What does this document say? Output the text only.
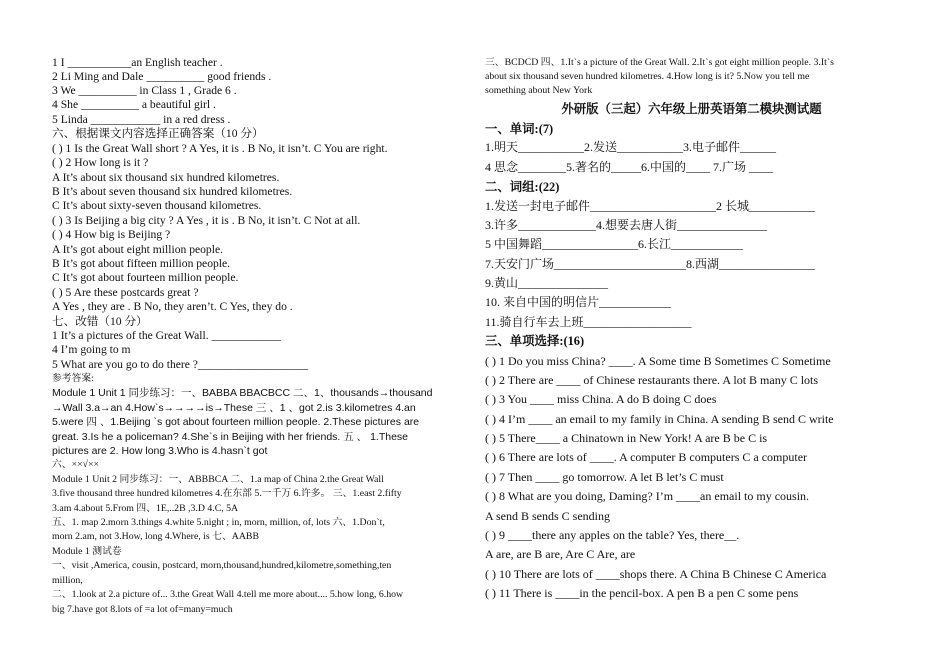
1 I ___________an English teacher .
2 Li Ming and Dale __________ good friends .
3 We __________ in Class 1 , Grade 6 .
4 She __________ a beautiful girl .
5 Linda ____________ in a red dress .
六、根据课文内容选择正确答案（10 分）
( ) 1 Is the Great Wall short ? A Yes, it is . B No, it isn’t. C You are right.
( ) 2 How long is it ?
A It’s about six thousand six hundred kilometres.
B It’s about seven thousand six hundred kilometres.
C It’s about sixty-seven thousand kilometres.
( ) 3 Is Beijing a big city ? A Yes , it is . B No, it isn’t. C Not at all.
( ) 4 How big is Beijing ?
A It’s got about eight million people.
B It’s got about fifteen million people.
C It’s got about fourteen million people.
( ) 5 Are these postcards great ?
A Yes , they are . B No, they aren’t. C Yes, they do .
七、改错（10 分）
1 It’s a pictures of the Great Wall. ____________
4 I’m going to m
5 What are you go to do there ?___________________
参考答案:
Module 1 Unit 1 同步练习：一、BABBA BBACBCC 二、1、thousands→thousand
→Wall 3.a→an 4.How`s→→→→is→These 三 、1 、got 2.is 3.kilometres 4.an
5.were 四 、1.Beijing `s got about fourteen million people. 2.These pictures are
great. 3.Is he a policeman? 4.She`s in Beijing with her friends. 五 、 1.These
pictures are 2. How long 3.Who is 4.hasn`t got
六、××√××
Module 1 Unit 2 同步练习：一、ABBBCA 二、1.a map of China 2.the Great Wall
3.five thousand three hundred kilometres 4.在东部 5.一千万 6.许多。 三、1.east 2.fifty
3.am 4.about 5.From 四、1E,..2B ,3.D 4.C, 5A
五、1. map 2.morn 3.things 4.white 5.night ; in, morn, million, of, lots 六、1.Don`t,
morn 2.am, not 3.How, long 4.Where, is 七、AABB
Module 1 测试卷
一、visit ,America, cousin, postcard, morn,thousand,hundred,kilometre,something,ten
million,
二、1.look at 2.a picture of... 3.the Great Wall 4.tell me more about.... 5.how long, 6.how
big 7.have got 8.lots of =a lot of=many=much
三、BCDCD 四、1.It`s a picture of the Great Wall. 2.It`s got eight million people. 3.It`s
about six thousand seven hundred kilometres. 4.How long is it? 5.Now you tell me
something about New York
外研版（三起）六年级上册英语第二模块测试题
一、单词:(7)
1.明天___________2.发送___________3.电子邮件______
4 思念________5.著名的_____6.中国的____ 7.广场 ____
二、词组:(22)
1.发送一封电子邮件_____________________2 长城___________
3.许多_____________4.想要去唐人街_______________
5 中国舞蹈________________6.长江____________
7.天安门广场______________________8.西湖________________
9.黄山_______________
10. 来自中国的明信片____________
11.骑自行车去上班__________________
三、单项选择:(16)
( ) 1 Do you miss China? ____. A Some time B Sometimes C Sometime
( ) 2 There are ____ of Chinese restaurants there. A lot B many C lots
( ) 3 You ____ miss China. A do B doing C does
( ) 4 I’m ____ an email to my family in China. A sending B send C write
( ) 5 There____ a Chinatown in New York! A are B be C is
( ) 6 There are lots of ____. A computer B computers C a computer
( ) 7 Then ____ go tomorrow. A let B let’s C must
( ) 8 What are you doing, Daming? I’m ____an email to my cousin.
A send B sends C sending
( ) 9 ____there any apples on the table? Yes, there__.
A are, are B are, Are C Are, are
( ) 10 There are lots of ____shops there. A China B Chinese C America
( ) 11 There is ____in the pencil-box. A pen B a pen C some pens
